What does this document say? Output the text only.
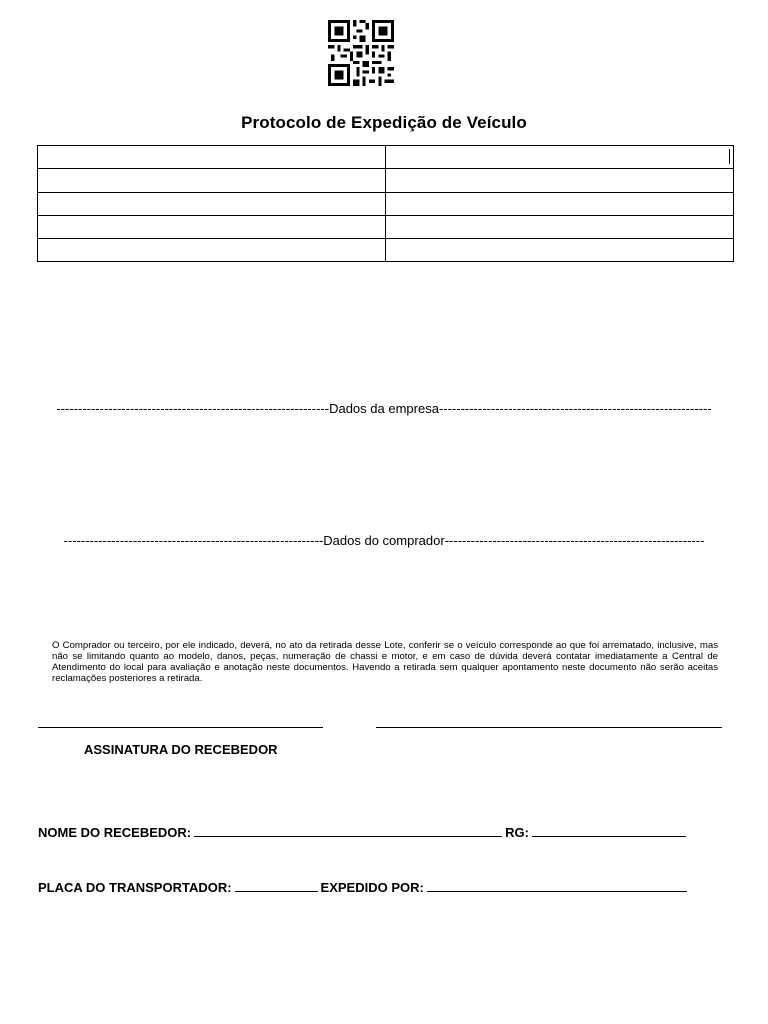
Protocolo de Expedição de Veículo

---------------------------------------------------------------Dados da empresa---------------------------------------------------------------
------------------------------------------------------------Dados do comprador------------------------------------------------------------
O Comprador ou terceiro, por ele indicado, deverá, no ato da retirada desse Lote, conferir se o veículo corresponde ao que foi arrematado, inclusive, mas não se limitando quanto ao modelo, danos, peças, numeração de chassi e motor, e em caso de dúvida deverá contatar imediatamente a Central de Atendimento do local para avaliação e anotação neste documentos. Havendo a retirada sem qualquer apontamento neste documento não serão aceitas reclamações posteriores a retirada.
ASSINATURA DO RECEBEDOR
NOME DO RECEBEDOR:	RG:
PLACA DO TRANSPORTADOR:	EXPEDIDO POR:
